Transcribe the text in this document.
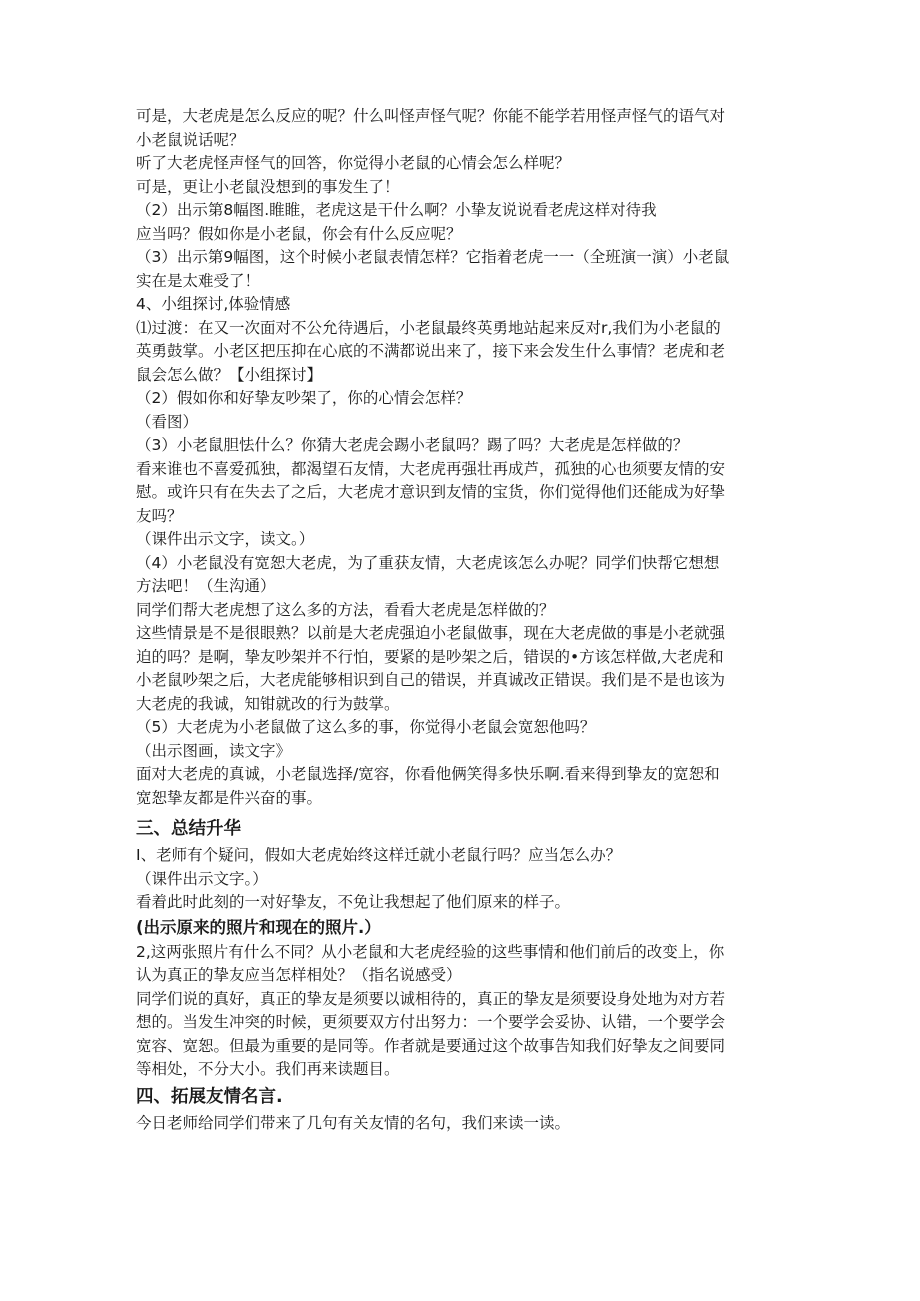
可是，大老虎是怎么反应的呢？什么叫怪声怪气呢？你能不能学若用怪声怪气的语气对

小老鼠说话呢？

听了大老虎怪声怪气的回答，你觉得小老鼠的心情会怎么样呢？

可是，更让小老鼠没想到的事发生了！

（2）出示第8幅图.睢睢，老虎这是干什么啊？小挚友说说看老虎这样对待我

应当吗？假如你是小老鼠，你会有什么反应呢？

（3）出示第9幅图，这个时候小老鼠表情怎样？它指着老虎一一（全班演一演）小老鼠

实在是太难受了！

4、小组探讨,体验情感

⑴过渡：在又一次面对不公允待遇后，小老鼠最终英勇地站起来反对r,我们为小老鼠的

英勇鼓掌。小老区把压抑在心底的不满都说出来了，接下来会发生什么事情？老虎和老

鼠会怎么做？【小组探讨】

（2）假如你和好挚友吵架了，你的心情会怎样？

（看图）

（3）小老鼠胆怯什么？你猜大老虎会踢小老鼠吗？踢了吗？大老虎是怎样做的？

看来谁也不喜爱孤独，都渴望石友情，大老虎再强壮再成芦，孤独的心也须要友情的安

慰。或许只有在失去了之后，大老虎才意识到友情的宝货，你们觉得他们还能成为好挚

友吗？

（课件出示文字，读文。）

（4）小老鼠没有宽恕大老虎，为了重获友情，大老虎该怎么办呢？同学们快帮它想想

方法吧！（生沟通）

同学们帮大老虎想了这么多的方法，看看大老虎是怎样做的？

这些情景是不是很眼熟？以前是大老虎强迫小老鼠做事，现在大老虎做的事是小老就强

迫的吗？是啊，挚友吵架并不行怕，要紧的是吵架之后，错误的•方该怎样做,大老虎和

小老鼠吵架之后，大老虎能够相识到自己的错误，并真诚改正错误。我们是不是也该为

大老虎的我诚，知钳就改的行为鼓掌。

（5）大老虎为小老鼠做了这么多的事，你觉得小老鼠会宽恕他吗？

（出示图画，读文字》

面对大老虎的真诚，小老鼠选择/宽容，你看他俩笑得多快乐啊.看来得到挚友的宽恕和

宽恕挚友都是件兴奋的事。

三、总结升华

I、老师有个疑问，假如大老虎始终这样迁就小老鼠行吗？应当怎么办？

（课件出示文字。）

看着此时此刻的一对好挚友，不免让我想起了他们原来的样子。

(出示原来的照片和现在的照片.）

2,这两张照片有什么不同？从小老鼠和大老虎经验的这些事情和他们前后的改变上，你

认为真正的挚友应当怎样相处？（指名说感受）

同学们说的真好，真正的挚友是须要以诚相待的，真正的挚友是须要设身处地为对方若

想的。当发生冲突的时候，更须要双方付出努力：一个要学会妥协、认错，一个要学会

宽容、宽恕。但最为重要的是同等。作者就是要通过这个故事告知我们好挚友之间要同

等相处，不分大小。我们再来读题目。

四、拓展友情名言.

今日老师给同学们带来了几句有关友情的名句，我们来读一读。
